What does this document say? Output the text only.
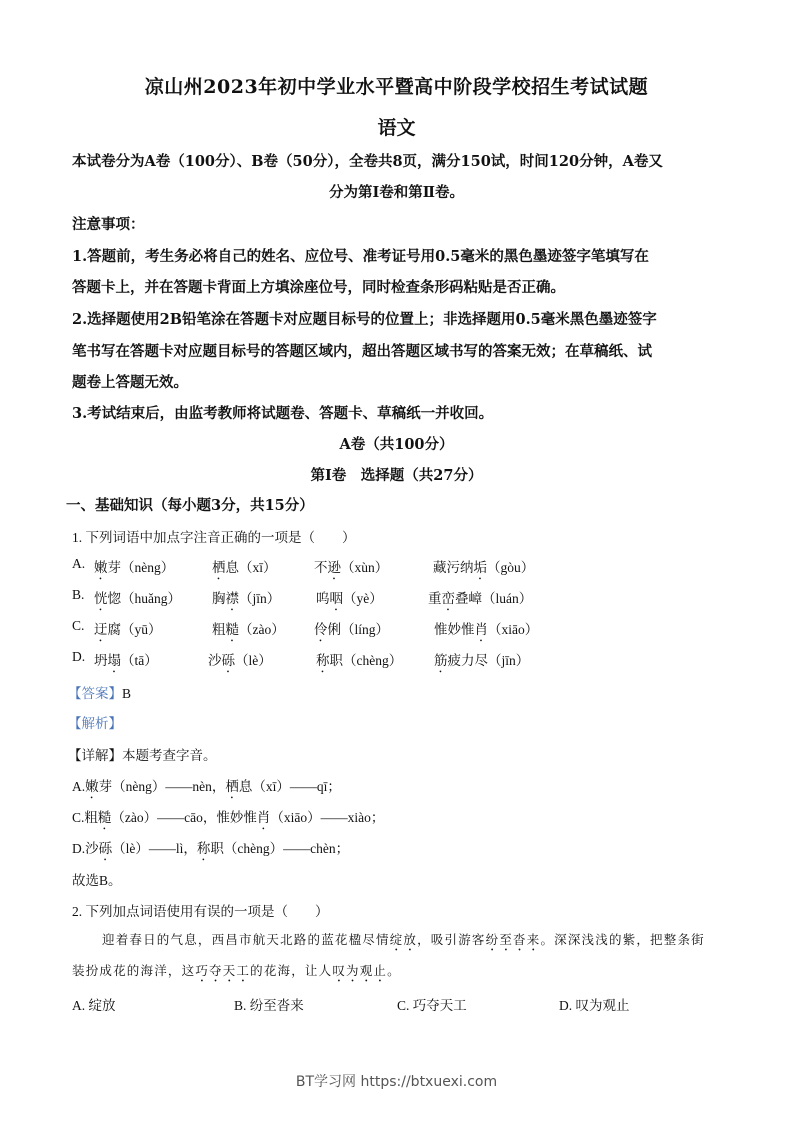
凉山州2023年初中学业水平暨高中阶段学校招生考试试题
语文
本试卷分为A卷（100分）、B卷（50分），全卷共8页，满分150试，时间120分钟，A卷又
分为第Ⅰ卷和第Ⅱ卷。
注意事项：
1.答题前，考生务必将自己的姓名、应位号、准考证号用0.5毫米的黑色墨迹签字笔填写在
答题卡上，并在答题卡背面上方填涂座位号，同时检查条形码粘贴是否正确。
2.选择题使用2B铅笔涂在答题卡对应题目标号的位置上；非选择题用0.5毫米黑色墨迹签字
笔书写在答题卡对应题目标号的答题区域内，超出答题区域书写的答案无效；在草稿纸、试
题卷上答题无效。
3.考试结束后，由监考教师将试题卷、答题卡、草稿纸一并收回。
A卷（共100分）
第Ⅰ卷　选择题（共27分）
一、基础知识（每小题3分，共15分）
1. 下列词语中加点字注音正确的一项是（　　）
A. 嫩芽（nèng）	栖息（xī）	不逊（xùn）	藏污纳垢（gòu）
B. 恍惚（huǎng） 胸襟（jīn）	呜咽（yè）	重峦叠嶂（luán）
C. 迂腐（yū）	粗糙（zào） 伶俐（líng）	惟妙惟肖（xiāo）
D. 坍塌（tā）	沙砾（lè）	称职（chèng） 筋疲力尽（jīn）
【答案】B
【解析】
【详解】本题考查字音。
A.嫩芽（nèng）——nèn，栖息（xī）——qī；
C.粗糙（zào）——cāo，惟妙惟肖（xiāo）——xiào；
D.沙砾（lè）——lì，称职（chèng）——chèn；
故选B。
2. 下列加点词语使用有误的一项是（　　）
迎着春日的气息，西昌市航天北路的蓝花楹尽情绽放，吸引游客纷至沓来。深深浅浅的紫，把整条街
装扮成花的海洋，这巧夺天工的花海，让人叹为观止。
A. 绽放	B. 纷至沓来	C. 巧夺天工	D. 叹为观止
BT学习网 https://btxuexi.com
